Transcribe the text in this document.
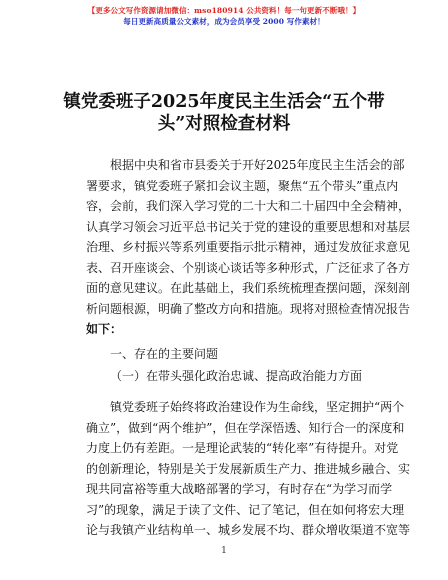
【更多公文写作资源请加微信：mso180914 公共资料！每一句更新不断哦！】
每日更新高质量公文素材，成为会员享受 2000 写作素材！
镇党委班子2025年度民主生活会“五个带
头”对照检查材料
根据中央和省市县委关于开好2025年度民主生活会的部
署要求，镇党委班子紧扣会议主题，聚焦“五个带头”重点内
容，会前，我们深入学习党的二十大和二十届四中全会精神，
认真学习领会习近平总书记关于党的建设的重要思想和对基层
治理、乡村振兴等系列重要指示批示精神，通过发放征求意见
表、召开座谈会、个别谈心谈话等多种形式，广泛征求了各方
面的意见建议。在此基础上，我们系统梳理查摆问题，深刻剖
析问题根源，明确了整改方向和措施。现将对照检查情况报告
如下：
一、存在的主要问题
（一）在带头强化政治忠诚、提高政治能力方面
镇党委班子始终将政治建设作为生命线，坚定拥护“两个
确立”，做到“两个维护”，但在学深悟透、知行合一的深度和
力度上仍有差距。一是理论武装的“转化率”有待提升。对党
的创新理论，特别是关于发展新质生产力、推进城乡融合、实
现共同富裕等重大战略部署的学习，有时存在“为学习而学
习”的现象，满足于读了文件、记了笔记，但在如何将宏大理
论与我镇产业结构单一、城乡发展不均、群众增收渠道不宽等
1
